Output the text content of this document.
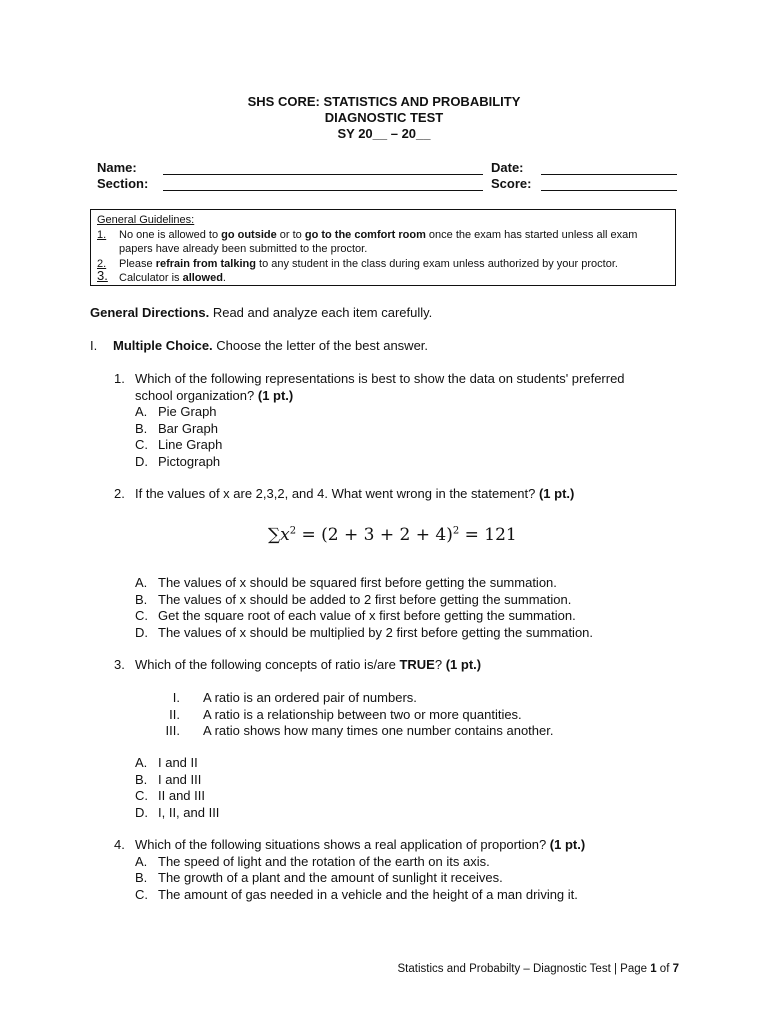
SHS CORE: STATISTICS AND PROBABILITY
DIAGNOSTIC TEST
SY 20__ – 20__
Name:
Section:
Date:
Score:
General Guidelines:
1. No one is allowed to go outside or to go to the comfort room once the exam has started unless all exam
papers have already been submitted to the proctor.
2. Please refrain from talking to any student in the class during exam unless authorized by your proctor.
3. Calculator is allowed.
General Directions. Read and analyze each item carefully.
I. Multiple Choice. Choose the letter of the best answer.
1. Which of the following representations is best to show the data on students' preferred
school organization? (1 pt.)
A. Pie Graph
B. Bar Graph
C. Line Graph
D. Pictograph
2. If the values of x are 2,3,2, and 4. What went wrong in the statement? (1 pt.)
$\sum x^2 = (2 + 3 + 2 + 4)^2 = 121$
A. The values of x should be squared first before getting the summation.
B. The values of x should be added to 2 first before getting the summation.
C. Get the square root of each value of x first before getting the summation.
D. The values of x should be multiplied by 2 first before getting the summation.
3. Which of the following concepts of ratio is/are TRUE? (1 pt.)
I. A ratio is an ordered pair of numbers.
II. A ratio is a relationship between two or more quantities.
III. A ratio shows how many times one number contains another.
A. I and II
B. I and III
C. II and III
D. I, II, and III
4. Which of the following situations shows a real application of proportion? (1 pt.)
A. The speed of light and the rotation of the earth on its axis.
B. The growth of a plant and the amount of sunlight it receives.
C. The amount of gas needed in a vehicle and the height of a man driving it.
Statistics and Probabilty – Diagnostic Test | Page 1 of 7
